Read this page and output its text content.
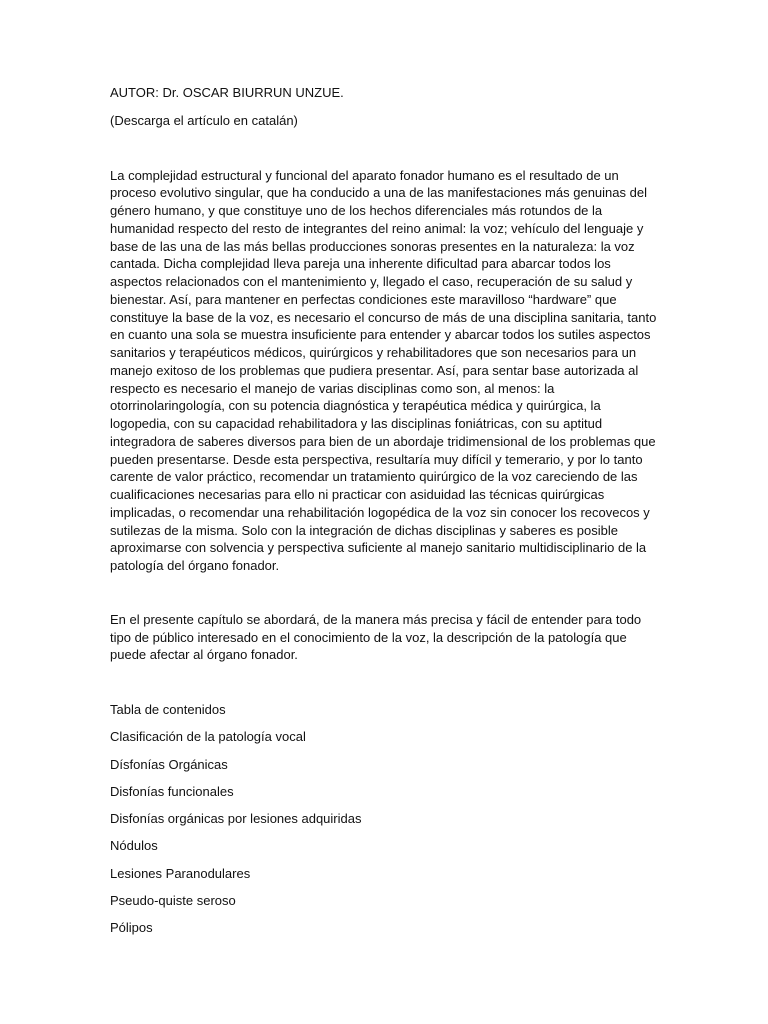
AUTOR: Dr. OSCAR BIURRUN UNZUE.

(Descarga el artículo en catalán)

La complejidad estructural y funcional del aparato fonador humano es el resultado de un proceso evolutivo singular, que ha conducido a una de las manifestaciones más genuinas del género humano, y que constituye uno de los hechos diferenciales más rotundos de la humanidad respecto del resto de integrantes del reino animal: la voz; vehículo del lenguaje y base de las una de las más bellas producciones sonoras presentes en la naturaleza: la voz cantada. Dicha complejidad lleva pareja una inherente dificultad para abarcar todos los aspectos relacionados con el mantenimiento y, llegado el caso, recuperación de su salud y bienestar. Así, para mantener en perfectas condiciones este maravilloso “hardware” que constituye la base de la voz, es necesario el concurso de más de una disciplina sanitaria, tanto en cuanto una sola se muestra insuficiente para entender y abarcar todos los sutiles aspectos sanitarios y terapéuticos médicos, quirúrgicos y rehabilitadores que son necesarios para un manejo exitoso de los problemas que pudiera presentar. Así, para sentar base autorizada al respecto es necesario el manejo de varias disciplinas como son, al menos: la otorrinolaringología, con su potencia diagnóstica y terapéutica médica y quirúrgica, la logopedia, con su capacidad rehabilitadora y las disciplinas foniátricas, con su aptitud integradora de saberes diversos para bien de un abordaje tridimensional de los problemas que pueden presentarse. Desde esta perspectiva, resultaría muy difícil y temerario, y por lo tanto carente de valor práctico, recomendar un tratamiento quirúrgico de la voz careciendo de las cualificaciones necesarias para ello ni practicar con asiduidad las técnicas quirúrgicas implicadas, o recomendar una rehabilitación logopédica de la voz sin conocer los recovecos y sutilezas de la misma. Solo con la integración de dichas disciplinas y saberes es posible aproximarse con solvencia y perspectiva suficiente al manejo sanitario multidisciplinario de la patología del órgano fonador.

En el presente capítulo se abordará, de la manera más precisa y fácil de entender para todo tipo de público interesado en el conocimiento de la voz, la descripción de la patología que puede afectar al órgano fonador.

Tabla de contenidos

Clasificación de la patología vocal
Dísfonías Orgánicas
Disfonías funcionales
Disfonías orgánicas por lesiones adquiridas
Nódulos
Lesiones Paranodulares
Pseudo-quiste seroso
Pólipos
